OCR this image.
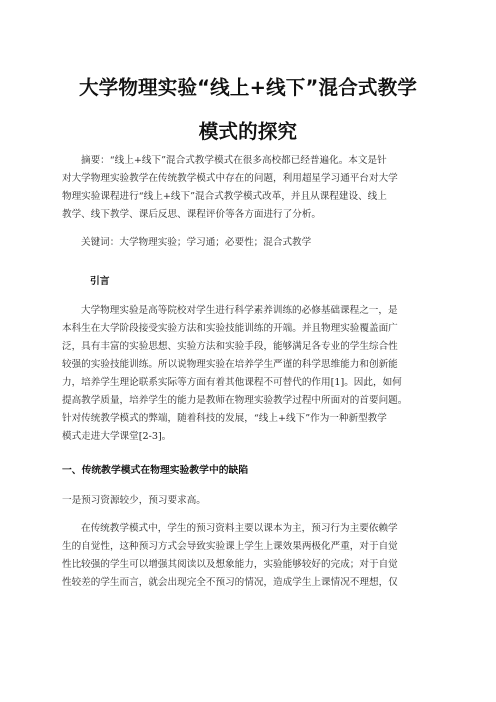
大学物理实验“线上+线下”混合式教学
模式的探究
摘要：“线上+线下”混合式教学模式在很多高校都已经普遍化。本文是针
对大学物理实验教学在传统教学模式中存在的问题，利用超星学习通平台对大学
物理实验课程进行“线上+线下”混合式教学模式改革，并且从课程建设、线上
教学、线下教学、课后反思、课程评价等各方面进行了分析。
关键词：大学物理实验；学习通；必要性；混合式教学
引言
大学物理实验是高等院校对学生进行科学素养训练的必修基础课程之一，是
本科生在大学阶段接受实验方法和实验技能训练的开端。并且物理实验覆盖面广
泛，具有丰富的实验思想、实验方法和实验手段，能够满足各专业的学生综合性
较强的实验技能训练。所以说物理实验在培养学生严谨的科学思维能力和创新能
力，培养学生理论联系实际等方面有着其他课程不可替代的作用[1]。因此，如何
提高教学质量，培养学生的能力是教师在物理实验教学过程中所面对的首要问题。
针对传统教学模式的弊端，随着科技的发展，“线上+线下”作为一种新型教学
模式走进大学课堂[2-3]。
一、传统教学模式在物理实验教学中的缺陷
一是预习资源较少，预习要求高。
在传统教学模式中，学生的预习资料主要以课本为主，预习行为主要依赖学
生的自觉性，这种预习方式会导致实验课上学生上课效果两极化严重，对于自觉
性比较强的学生可以增强其阅读以及想象能力，实验能够较好的完成；对于自觉
性较差的学生而言，就会出现完全不预习的情况，造成学生上课情况不理想，仅
